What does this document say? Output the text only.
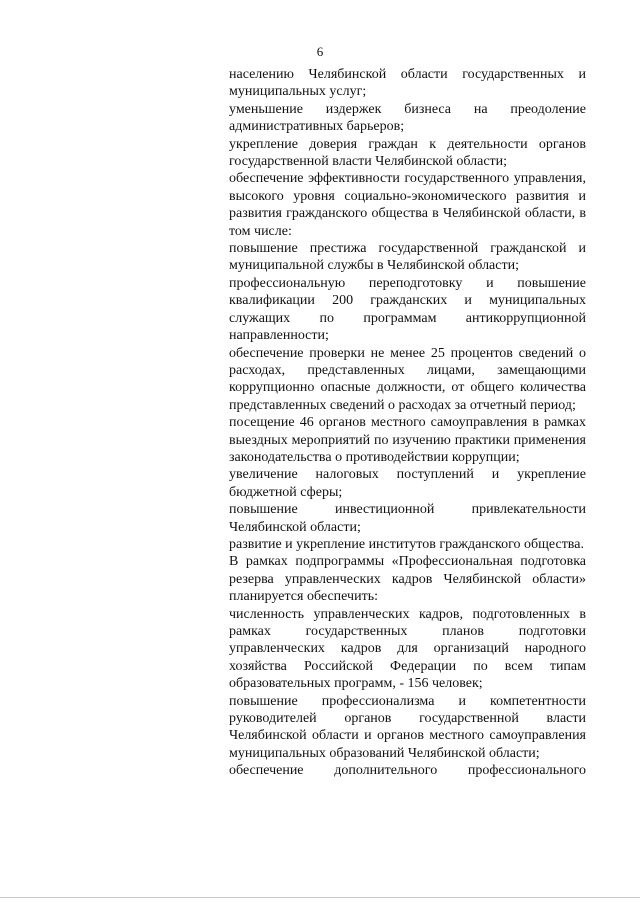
6

населению Челябинской области государственных и муниципальных услуг;

уменьшение издержек бизнеса на преодоление административных барьеров;

укрепление доверия граждан к деятельности органов государственной власти Челябинской области;

обеспечение эффективности государственного управления, высокого уровня социально-экономического развития и развития гражданского общества в Челябинской области, в том числе:

повышение престижа государственной гражданской и муниципальной службы в Челябинской области;

профессиональную переподготовку и повышение квалификации 200 гражданских и муниципальных служащих по программам антикоррупционной направленности;

обеспечение проверки не менее 25 процентов сведений о расходах, представленных лицами, замещающими коррупционно опасные должности, от общего количества представленных сведений о расходах за отчетный период;

посещение 46 органов местного самоуправления в рамках выездных мероприятий по изучению практики применения законодательства о противодействии коррупции;

увеличение налоговых поступлений и укрепление бюджетной сферы;

повышение инвестиционной привлекательности Челябинской области;

развитие и укрепление институтов гражданского общества.

В рамках подпрограммы «Профессиональная подготовка резерва управленческих кадров Челябинской области» планируется обеспечить:

численность управленческих кадров, подготовленных в рамках государственных планов подготовки управленческих кадров для организаций народного хозяйства Российской Федерации по всем типам образовательных программ, - 156 человек;

повышение профессионализма и компетентности руководителей органов государственной власти Челябинской области и органов местного самоуправления муниципальных образований Челябинской области;

обеспечение дополнительного профессионального
